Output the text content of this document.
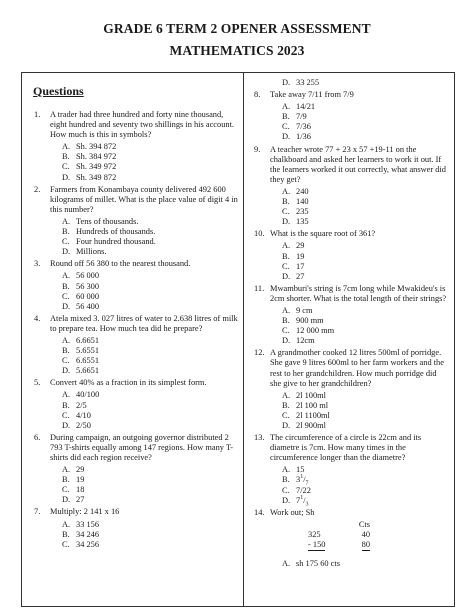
GRADE 6 TERM 2 OPENER ASSESSMENT
MATHEMATICS 2023
Questions
1. A trader had three hundred and forty nine thousand, eight hundred and seventy two shillings in his account. How much is this in symbols?
A. Sh. 394 872
B. Sh. 384 972
C. Sh. 349 972
D. Sh. 349 872
2. Farmers from Konambaya county delivered 492 600 kilograms of millet. What is the place value of digit 4 in this number?
A. Tens of thousands.
B. Hundreds of thousands.
C. Four hundred thousand.
D. Millions.
3. Round off 56 380 to the nearest thousand.
A. 56 000
B. 56 300
C. 60 000
D. 56 400
4. Atela mixed 3. 027 litres of water to 2.638 litres of milk to prepare tea. How much tea did he prepare?
A. 6.6651
B. 5.6551
C. 6.6551
D. 5.6651
5. Convert 40% as a fraction in its simplest form.
A. 40/100
B. 2/5
C. 4/10
D. 2/50
6. During campaign, an outgoing governor distributed 2 793 T-shirts equally among 147 regions. How many T-shirts did each region receive?
A. 29
B. 19
C. 18
D. 27
7. Multiply: 2 141 x 16
A. 33 156
B. 34 246
C. 34 256
D. 33 255
8. Take away 7/11 from 7/9
A. 14/21
B. 7/9
C. 7/36
D. 1/36
9. A teacher wrote 77 + 23 x 57 +19-11 on the chalkboard and asked her learners to work it out. If the learners worked it out correctly, what answer did they get?
A. 240
B. 140
C. 235
D. 135
10. What is the square root of 361?
A. 29
B. 19
C. 17
D. 27
11. Mwamburi's string is 7cm long while Mwakideu's is 2cm shorter. What is the total length of their strings?
A. 9 cm
B. 900 mm
C. 12 000 mm
D. 12cm
12. A grandmother cooked 12 litres 500ml of porridge. She gave 9 litres 600ml to her farm workers and the rest to her grandchildren. How much porridge did she give to her grandchildren?
A. 2l 100ml
B. 2l 100 ml
C. 2l 1100ml
D. 2l 900ml
13. The circumference of a circle is 22cm and its diametre is 7cm. How many times in the circumference longer than the diametre?
A. 15
B. $3^1/_7$
C. 7/22
D. $7^1/_3$
14. Work out; Sh
Cts
325	40
- 150	80
A. sh 175 60 cts
